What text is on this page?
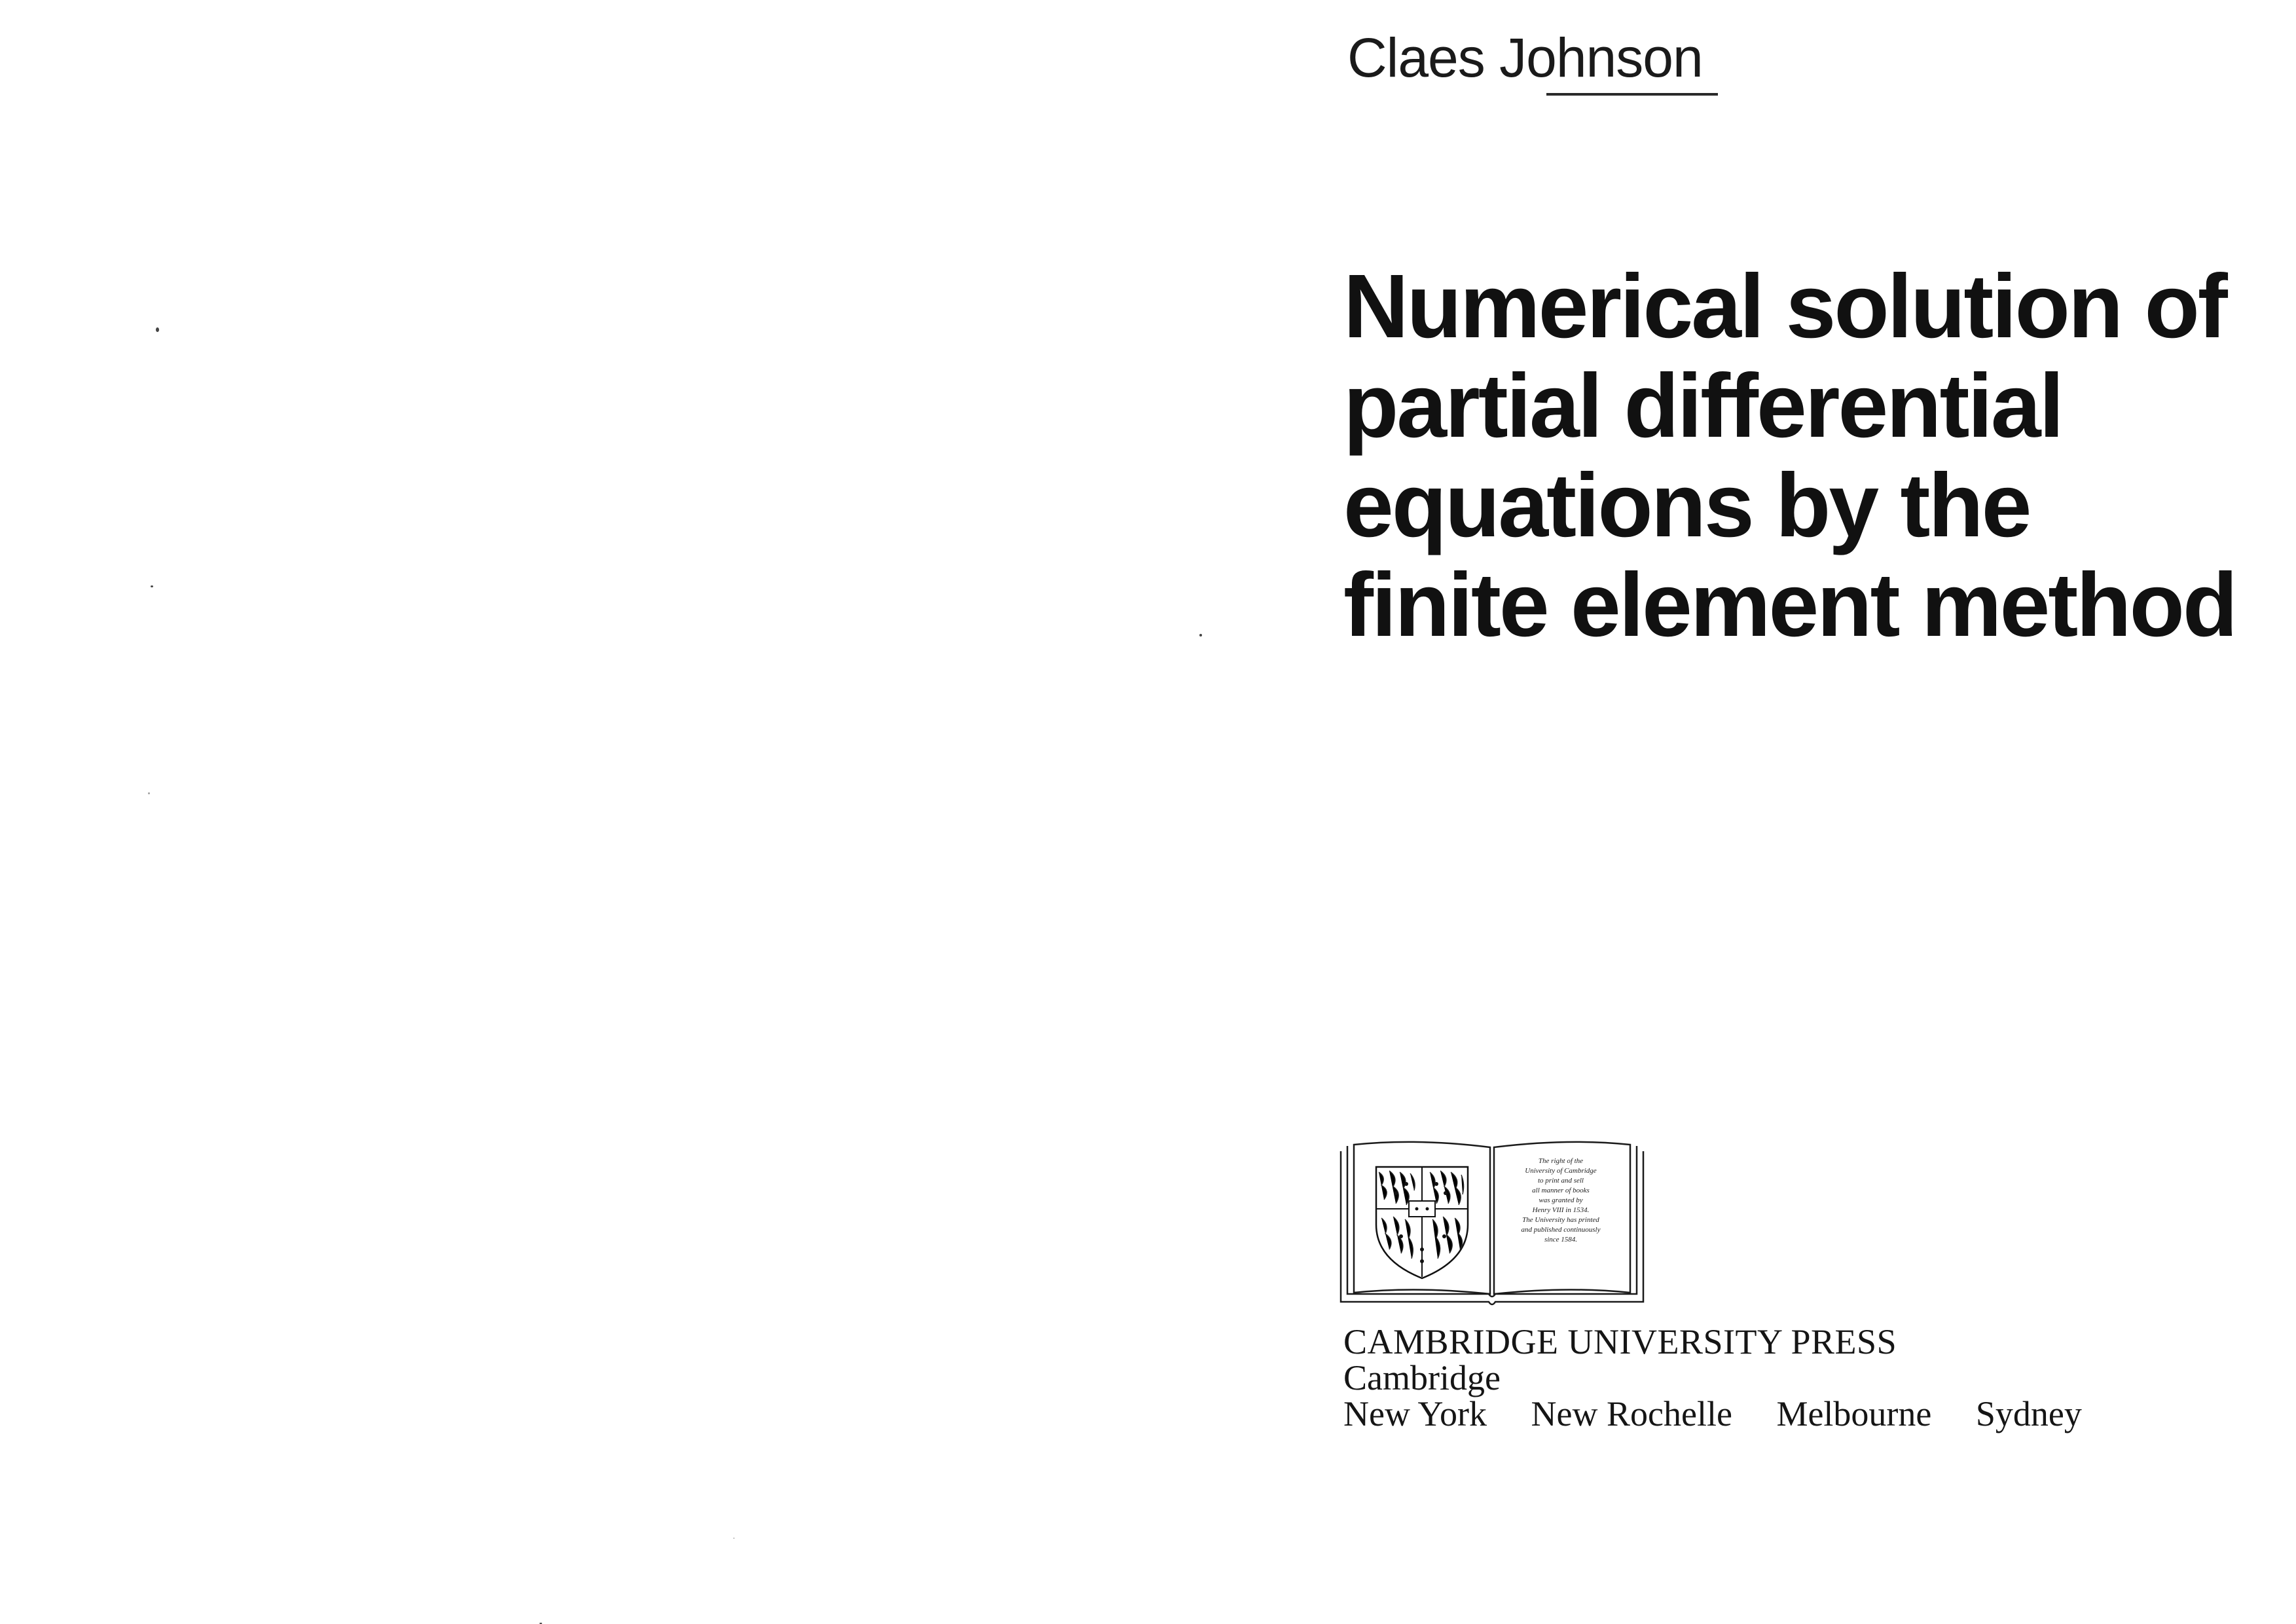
Claes Johnson
Numerical solution of
partial differential
equations by the
finite element method
The right of the
University of Cambridge
to print and sell
all manner of books
was granted by
Henry VIII in 1534.
The University has printed
and published continuously
since 1584.
CAMBRIDGE UNIVERSITY PRESS
Cambridge
New York New Rochelle Melbourne Sydney
